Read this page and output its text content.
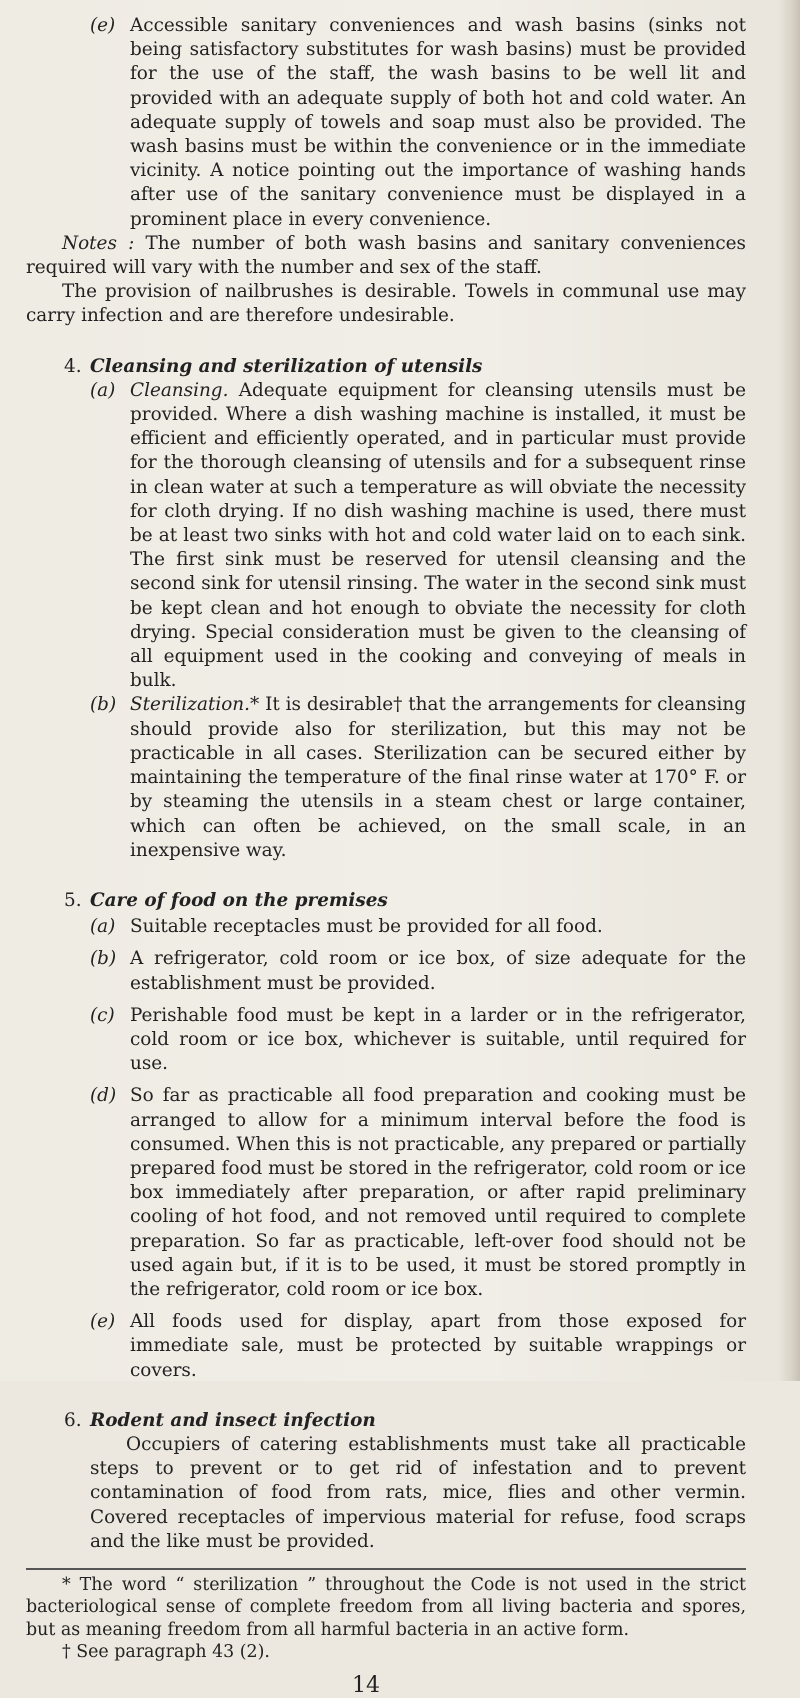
(e) Accessible sanitary conveniences and wash basins (sinks not being satisfactory substitutes for wash basins) must be provided for the use of the staff, the wash basins to be well lit and provided with an adequate supply of both hot and cold water. An adequate supply of towels and soap must also be provided. The wash basins must be within the convenience or in the immediate vicinity. A notice pointing out the importance of washing hands after use of the sanitary convenience must be displayed in a prominent place in every convenience.

Notes : The number of both wash basins and sanitary conveniences required will vary with the number and sex of the staff.

The provision of nailbrushes is desirable. Towels in communal use may carry infection and are therefore undesirable.

4. Cleansing and sterilization of utensils
(a) Cleansing. Adequate equipment for cleansing utensils must be provided. Where a dish washing machine is installed, it must be efficient and efficiently operated, and in particular must provide for the thorough cleansing of utensils and for a subsequent rinse in clean water at such a temperature as will obviate the necessity for cloth drying. If no dish washing machine is used, there must be at least two sinks with hot and cold water laid on to each sink. The first sink must be reserved for utensil cleansing and the second sink for utensil rinsing. The water in the second sink must be kept clean and hot enough to obviate the necessity for cloth drying. Special consideration must be given to the cleansing of all equipment used in the cooking and conveying of meals in bulk.

(b) Sterilization.* It is desirable† that the arrangements for cleansing should provide also for sterilization, but this may not be practicable in all cases. Sterilization can be secured either by maintaining the temperature of the final rinse water at 170° F. or by steaming the utensils in a steam chest or large container, which can often be achieved, on the small scale, in an inexpensive way.

5. Care of food on the premises
(a) Suitable receptacles must be provided for all food.

(b) A refrigerator, cold room or ice box, of size adequate for the establishment must be provided.

(c) Perishable food must be kept in a larder or in the refrigerator, cold room or ice box, whichever is suitable, until required for use.

(d) So far as practicable all food preparation and cooking must be arranged to allow for a minimum interval before the food is consumed. When this is not practicable, any prepared or partially prepared food must be stored in the refrigerator, cold room or ice box immediately after preparation, or after rapid preliminary cooling of hot food, and not removed until required to complete preparation. So far as practicable, left-over food should not be used again but, if it is to be used, it must be stored promptly in the refrigerator, cold room or ice box.

(e) All foods used for display, apart from those exposed for immediate sale, must be protected by suitable wrappings or covers.

6. Rodent and insect infection

Occupiers of catering establishments must take all practicable steps to prevent or to get rid of infestation and to prevent contamination of food from rats, mice, flies and other vermin. Covered receptacles of impervious material for refuse, food scraps and the like must be provided.

* The word “ sterilization ” throughout the Code is not used in the strict bacteriological sense of complete freedom from all living bacteria and spores, but as meaning freedom from all harmful bacteria in an active form.

† See paragraph 43 (2).

14
